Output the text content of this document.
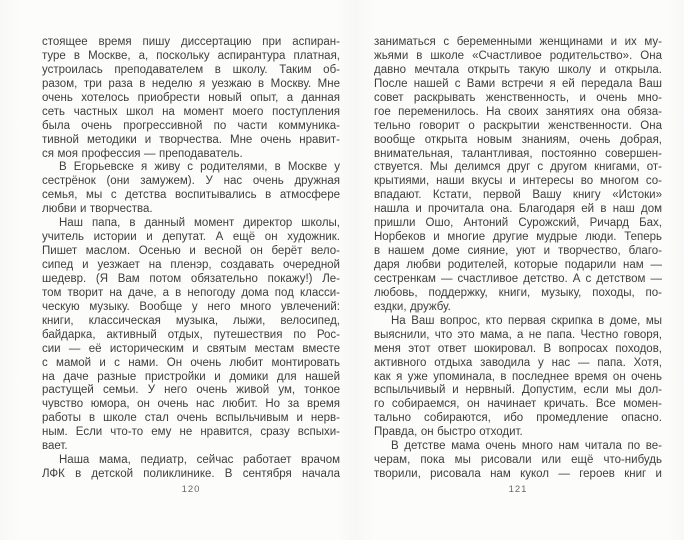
стоящее время пишу диссертацию при аспиран-
туре в Москве, а, поскольку аспирантура платная,
устроилась преподавателем в школу. Таким об-
разом, три раза в неделю я уезжаю в Москву. Мне
очень хотелось приобрести новый опыт, а данная
сеть частных школ на момент моего поступления
была очень прогрессивной по части коммуника-
тивной методики и творчества. Мне очень нравит-
ся моя профессия — преподаватель.
В Егорьевске я живу с родителями, в Москве у
сестрёнок (они замужем). У нас очень дружная
семья, мы с детства воспитывались в атмосфере
любви и творчества.
Наш папа, в данный момент директор школы,
учитель истории и депутат. А ещё он художник.
Пишет маслом. Осенью и весной он берёт вело-
сипед и уезжает на пленэр, создавать очередной
шедевр. (Я Вам потом обязательно покажу!) Ле-
том творит на даче, а в непогоду дома под класси-
ческую музыку. Вообще у него много увлечений:
книги, классическая музыка, лыжи, велосипед,
байдарка, активный отдых, путешествия по Рос-
сии — её историческим и святым местам вместе
с мамой и с нами. Он очень любит монтировать
на даче разные пристройки и домики для нашей
растущей семьи. У него очень живой ум, тонкое
чувство юмора, он очень нас любит. Но за время
работы в школе стал очень вспыльчивым и нерв-
ным. Если что-то ему не нравится, сразу вспыхи-
вает.
Наша мама, педиатр, сейчас работает врачом
ЛФК в детской поликлинике. В сентября начала
120
заниматься с беременными женщинами и их му-
жьями в школе «Счастливое родительство». Она
давно мечтала открыть такую школу и открыла.
После нашей с Вами встречи я ей передала Ваш
совет раскрывать женственность, и очень мно-
гое переменилось. На своих занятиях она обяза-
тельно говорит о раскрытии женственности. Она
вообще открыта новым знаниям, очень добрая,
внимательная, талантливая, постоянно совершен-
ствуется. Мы делимся друг с другом книгами, от-
крытиями, наши вкусы и интересы во многом со-
впадают. Кстати, первой Вашу книгу «Истоки»
нашла и прочитала она. Благодаря ей в наш дом
пришли Ошо, Антоний Сурожский, Ричард Бах,
Норбеков и многие другие мудрые люди. Теперь
в нашем доме сияние, уют и творчество, благо-
даря любви родителей, которые подарили нам —
сестренкам — счастливое детство. А с детством —
любовь, поддержку, книги, музыку, походы, по-
ездки, дружбу.
На Ваш вопрос, кто первая скрипка в доме, мы
выяснили, что это мама, а не папа. Честно говоря,
меня этот ответ шокировал. В вопросах походов,
активного отдыха заводила у нас — папа. Хотя,
как я уже упоминала, в последнее время он очень
вспыльчивый и нервный. Допустим, если мы дол-
го собираемся, он начинает кричать. Все момен-
тально собираются, ибо промедление опасно.
Правда, он быстро отходит.
В детстве мама очень много нам читала по ве-
черам, пока мы рисовали или ещё что-нибудь
творили, рисовала нам кукол — героев книг и
121
